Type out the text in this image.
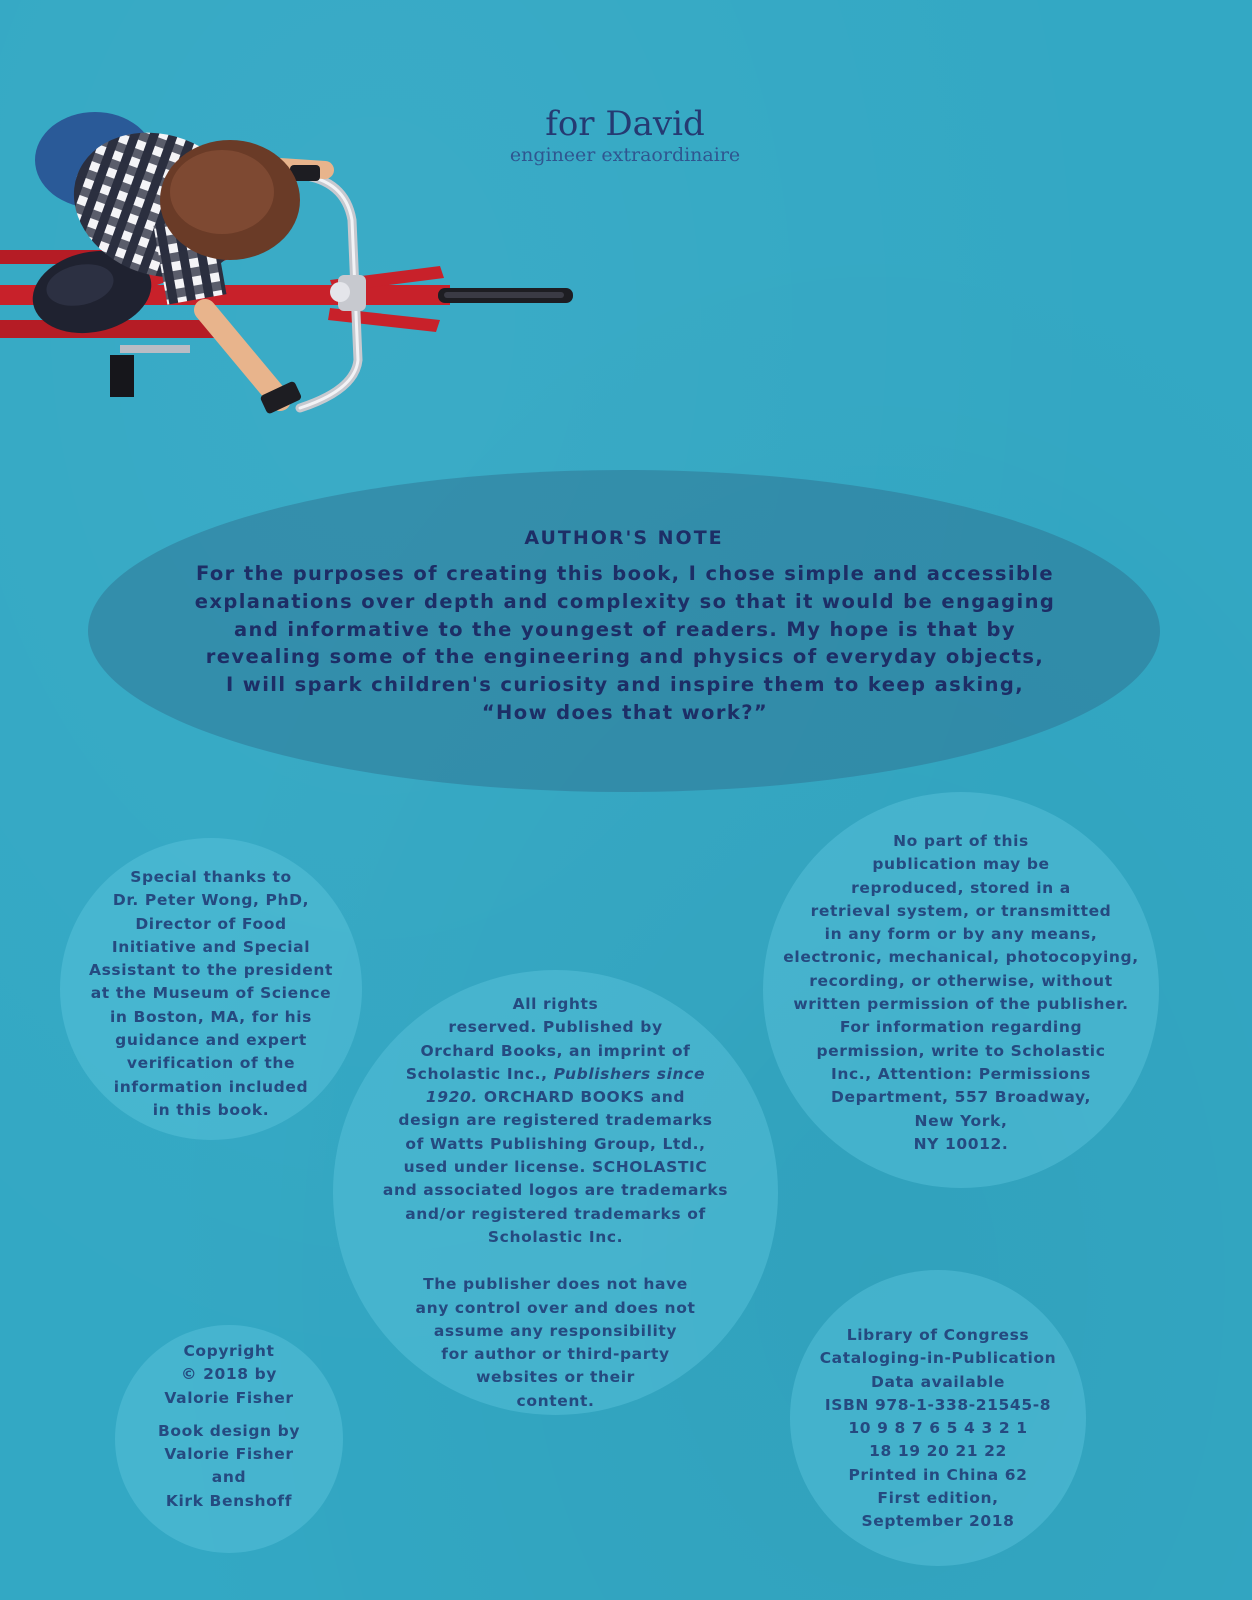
for David
engineer extraordinaire
AUTHOR'S NOTE
For the purposes of creating this book, I chose simple and accessible
explanations over depth and complexity so that it would be engaging
and informative to the youngest of readers. My hope is that by
revealing some of the engineering and physics of everyday objects,
I will spark children's curiosity and inspire them to keep asking,
“How does that work?”
Special thanks to
Dr. Peter Wong, PhD,
Director of Food
Initiative and Special
Assistant to the president
at the Museum of Science
in Boston, MA, for his
guidance and expert
verification of the
information included
in this book.
All rights
reserved. Published by
Orchard Books, an imprint of
Scholastic Inc., Publishers since
1920. ORCHARD BOOKS and
design are registered trademarks
of Watts Publishing Group, Ltd.,
used under license. SCHOLASTIC
and associated logos are trademarks
and/or registered trademarks of
Scholastic Inc.
The publisher does not have
any control over and does not
assume any responsibility
for author or third-party
websites or their
content.
No part of this
publication may be
reproduced, stored in a
retrieval system, or transmitted
in any form or by any means,
electronic, mechanical, photocopying,
recording, or otherwise, without
written permission of the publisher.
For information regarding
permission, write to Scholastic
Inc., Attention: Permissions
Department, 557 Broadway,
New York,
NY 10012.
Copyright
© 2018 by
Valorie Fisher
Book design by
Valorie Fisher
and
Kirk Benshoff
Library of Congress
Cataloging-in-Publication
Data available
ISBN 978-1-338-21545-8
10 9 8 7 6 5 4 3 2 1
18 19 20 21 22
Printed in China 62
First edition,
September 2018
